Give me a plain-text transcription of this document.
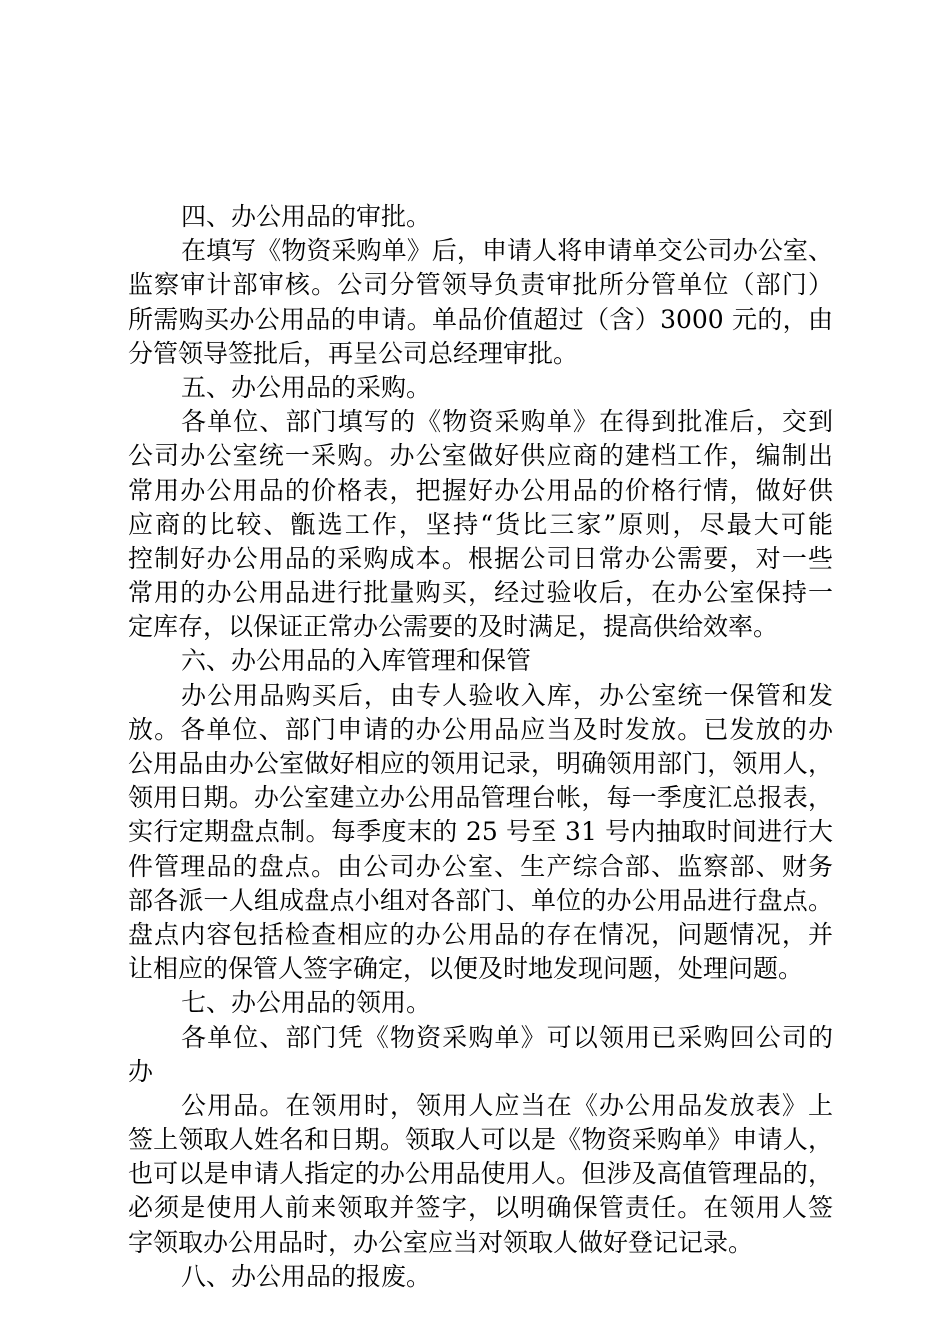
四、办公用品的审批。
在填写《物资采购单》后，申请人将申请单交公司办公室、
监察审计部审核。公司分管领导负责审批所分管单位（部门）
所需购买办公用品的申请。单品价值超过（含）3000 元的，由
分管领导签批后，再呈公司总经理审批。
五、办公用品的采购。
各单位、部门填写的《物资采购单》在得到批准后，交到
公司办公室统一采购。办公室做好供应商的建档工作，编制出
常用办公用品的价格表，把握好办公用品的价格行情，做好供
应商的比较、甑选工作，坚持“货比三家”原则，尽最大可能
控制好办公用品的采购成本。根据公司日常办公需要，对一些
常用的办公用品进行批量购买，经过验收后，在办公室保持一
定库存，以保证正常办公需要的及时满足，提高供给效率。
六、办公用品的入库管理和保管
办公用品购买后，由专人验收入库，办公室统一保管和发
放。各单位、部门申请的办公用品应当及时发放。已发放的办
公用品由办公室做好相应的领用记录，明确领用部门，领用人，
领用日期。办公室建立办公用品管理台帐，每一季度汇总报表，
实行定期盘点制。每季度末的 25 号至 31 号内抽取时间进行大
件管理品的盘点。由公司办公室、生产综合部、监察部、财务
部各派一人组成盘点小组对各部门、单位的办公用品进行盘点。
盘点内容包括检查相应的办公用品的存在情况，问题情况，并
让相应的保管人签字确定，以便及时地发现问题，处理问题。
七、办公用品的领用。
各单位、部门凭《物资采购单》可以领用已采购回公司的
办
公用品。在领用时，领用人应当在《办公用品发放表》上
签上领取人姓名和日期。领取人可以是《物资采购单》申请人，
也可以是申请人指定的办公用品使用人。但涉及高值管理品的，
必须是使用人前来领取并签字，以明确保管责任。在领用人签
字领取办公用品时，办公室应当对领取人做好登记记录。
八、办公用品的报废。
